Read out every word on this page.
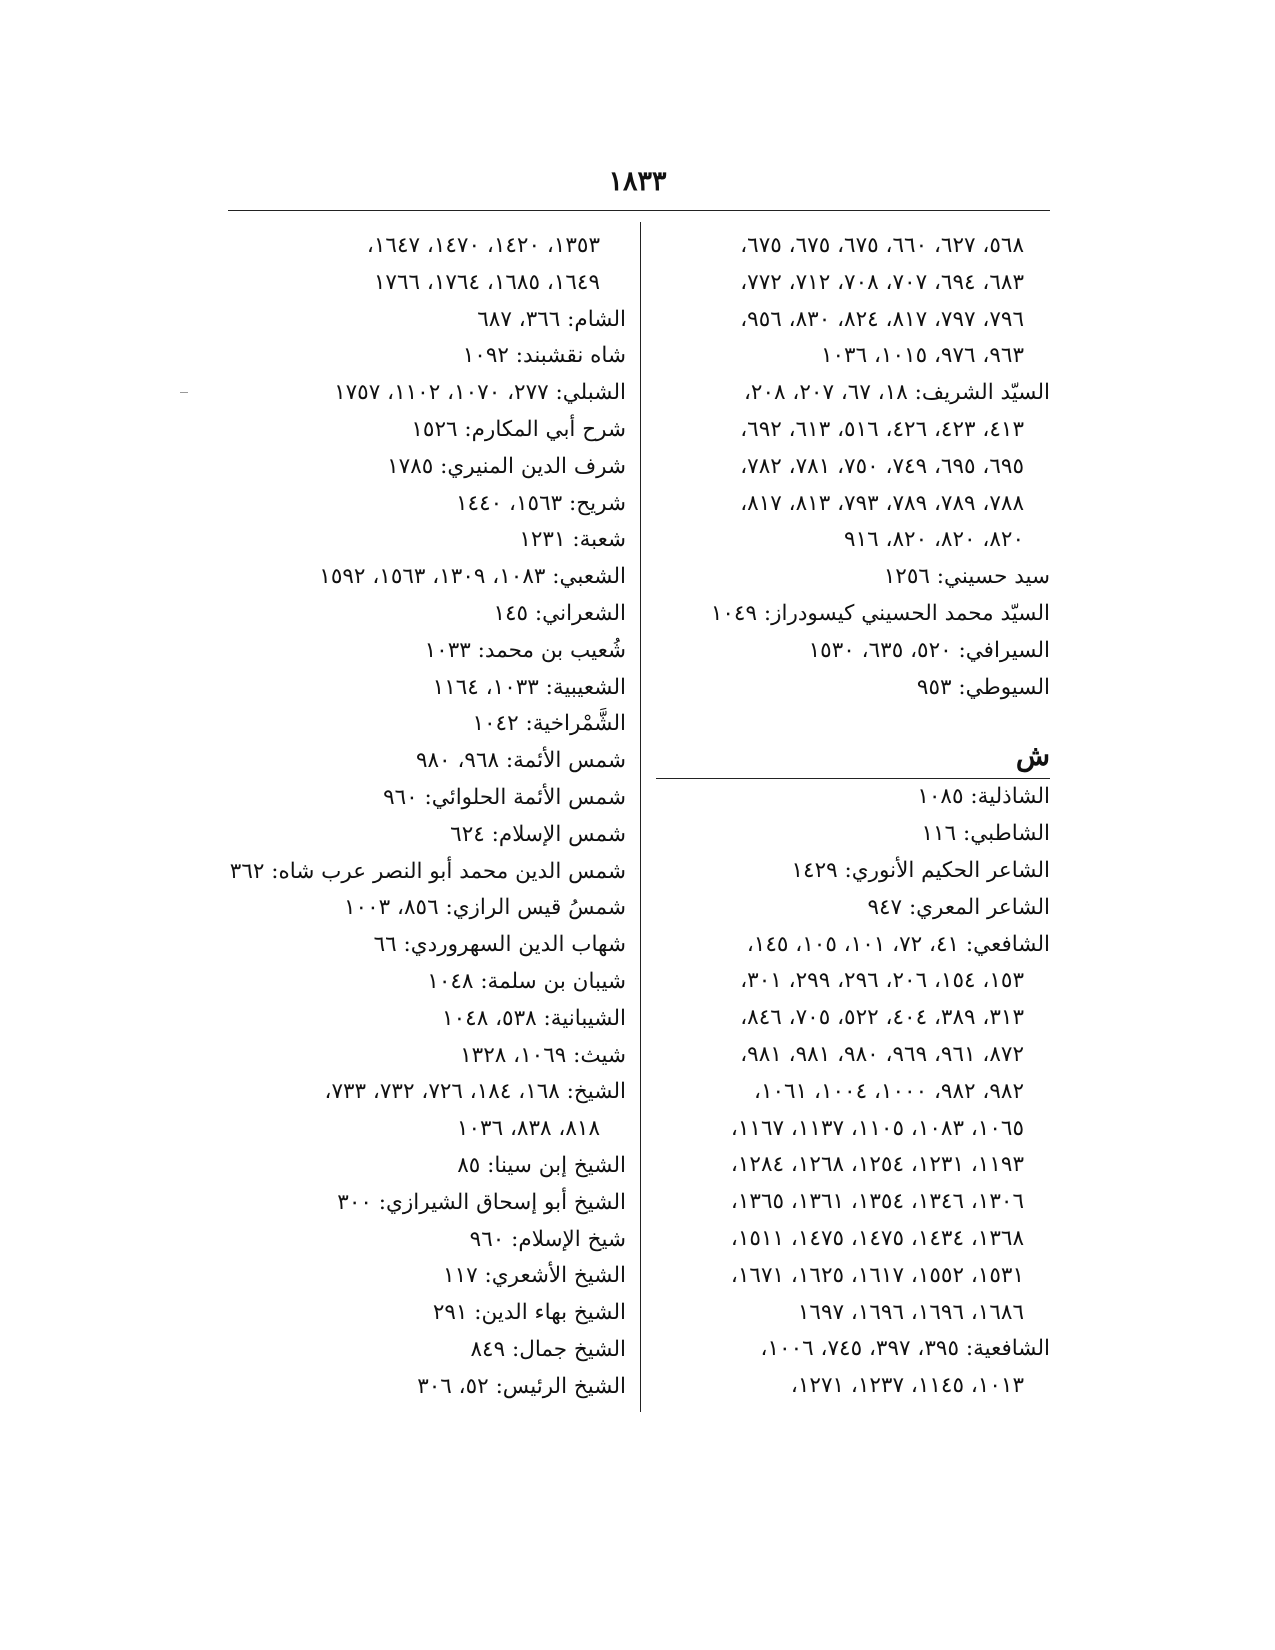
١٨٣٣
٥٦٨، ٦٢٧، ٦٦٠، ٦٧٥، ٦٧٥، ٦٧٥،
٦٨٣، ٦٩٤، ٧٠٧، ٧٠٨، ٧١٢، ٧٧٢،
٧٩٦، ٧٩٧، ٨١٧، ٨٢٤، ٨٣٠، ٩٥٦،
٩٦٣، ٩٧٦، ١٠١٥، ١٠٣٦
السيّد الشريف: ١٨، ٦٧، ٢٠٧، ٢٠٨،
٤١٣، ٤٢٣، ٤٢٦، ٥١٦، ٦١٣، ٦٩٢،
٦٩٥، ٦٩٥، ٧٤٩، ٧٥٠، ٧٨١، ٧٨٢،
٧٨٨، ٧٨٩، ٧٨٩، ٧٩٣، ٨١٣، ٨١٧،
٨٢٠، ٨٢٠، ٨٢٠، ٩١٦
سيد حسيني: ١٢٥٦
السيّد محمد الحسيني كيسودراز: ١٠٤٩
السيرافي: ٥٢٠، ٦٣٥، ١٥٣٠
السيوطي: ٩٥٣
ش
الشاذلية: ١٠٨٥
الشاطبي: ١١٦
الشاعر الحكيم الأنوري: ١٤٢٩
الشاعر المعري: ٩٤٧
الشافعي: ٤١، ٧٢، ١٠١، ١٠٥، ١٤٥،
١٥٣، ١٥٤، ٢٠٦، ٢٩٦، ٢٩٩، ٣٠١،
٣١٣، ٣٨٩، ٤٠٤، ٥٢٢، ٧٠٥، ٨٤٦،
٨٧٢، ٩٦١، ٩٦٩، ٩٨٠، ٩٨١، ٩٨١،
٩٨٢، ٩٨٢، ١٠٠٠، ١٠٠٤، ١٠٦١،
١٠٦٥، ١٠٨٣، ١١٠٥، ١١٣٧، ١١٦٧،
١١٩٣، ١٢٣١، ١٢٥٤، ١٢٦٨، ١٢٨٤،
١٣٠٦، ١٣٤٦، ١٣٥٤، ١٣٦١، ١٣٦٥،
١٣٦٨، ١٤٣٤، ١٤٧٥، ١٤٧٥، ١٥١١،
١٥٣١، ١٥٥٢، ١٦١٧، ١٦٢٥، ١٦٧١،
١٦٨٦، ١٦٩٦، ١٦٩٦، ١٦٩٧
الشافعية: ٣٩٥، ٣٩٧، ٧٤٥، ١٠٠٦،
١٠١٣، ١١٤٥، ١٢٣٧، ١٢٧١،
١٣٥٣، ١٤٢٠، ١٤٧٠، ١٦٤٧،
١٦٤٩، ١٦٨٥، ١٧٦٤، ١٧٦٦
الشام: ٣٦٦، ٦٨٧
شاه نقشبند: ١٠٩٢
الشبلي: ٢٧٧، ١٠٧٠، ١١٠٢، ١٧٥٧
شرح أبي المكارم: ١٥٢٦
شرف الدين المنيري: ١٧٨٥
شريح: ١٥٦٣، ١٤٤٠
شعبة: ١٢٣١
الشعبي: ١٠٨٣، ١٣٠٩، ١٥٦٣، ١٥٩٢
الشعراني: ١٤٥
شُعيب بن محمد: ١٠٣٣
الشعيبية: ١٠٣٣، ١١٦٤
الشَّمْراخية: ١٠٤٢
شمس الأئمة: ٩٦٨، ٩٨٠
شمس الأئمة الحلوائي: ٩٦٠
شمس الإسلام: ٦٢٤
شمس الدين محمد أبو النصر عرب شاه: ٣٦٢
شمسُ قيس الرازي: ٨٥٦، ١٠٠٣
شهاب الدين السهروردي: ٦٦
شيبان بن سلمة: ١٠٤٨
الشيبانية: ٥٣٨، ١٠٤٨
شيث: ١٠٦٩، ١٣٢٨
الشيخ: ١٦٨، ١٨٤، ٧٢٦، ٧٣٢، ٧٣٣،
٨١٨، ٨٣٨، ١٠٣٦
الشيخ إبن سينا: ٨٥
الشيخ أبو إسحاق الشيرازي: ٣٠٠
شيخ الإسلام: ٩٦٠
الشيخ الأشعري: ١١٧
الشيخ بهاء الدين: ٢٩١
الشيخ جمال: ٨٤٩
الشيخ الرئيس: ٥٢، ٣٠٦
